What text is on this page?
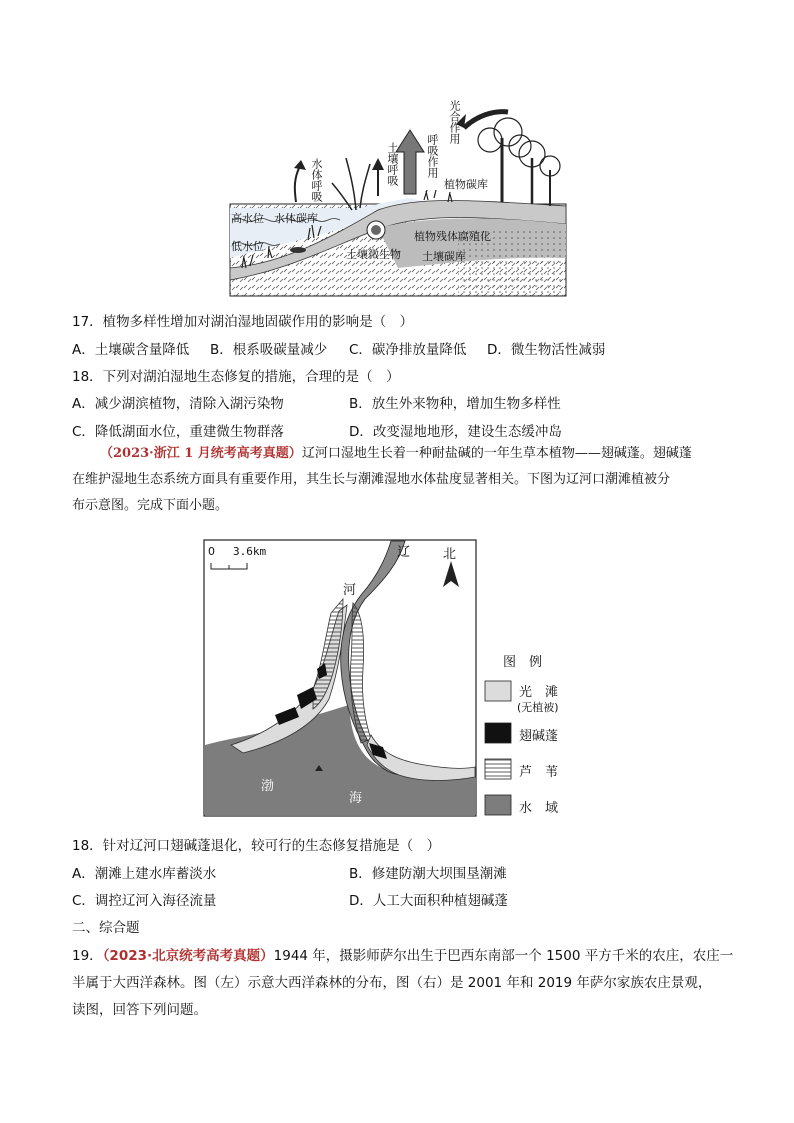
水体呼吸	土壤呼吸 呼吸作用
光合作用
植物碳库
高水位 水体碳库
低水位
植物残体腐殖化
土壤微生物 土壤碳库
17．植物多样性增加对湖泊湿地固碳作用的影响是（　）
A．土壤碳含量降低 B．根系吸碳量减少 C．碳净排放量降低 D．微生物活性减弱
18．下列对湖泊湿地生态修复的措施，合理的是（　）
A．减少湖滨植物，清除入湖污染物	B．放生外来物种，增加生物多样性
C．降低湖面水位，重建微生物群落	D．改变湿地地形，建设生态缓冲岛
（2023·浙江 1 月统考高考真题）辽河口湿地生长着一种耐盐碱的一年生草本植物——翅碱蓬。翅碱蓬
在维护湿地生态系统方面具有重要作用，其生长与潮滩湿地水体盐度显著相关。下图为辽河口潮滩植被分
布示意图。完成下面小题。
0 3.6km	北
辽
河
渤
海
图　例
光　滩
(无植被)
翅碱蓬
芦　苇
水　域
18．针对辽河口翅碱蓬退化，较可行的生态修复措施是（　）
A．潮滩上建水库蓄淡水	B．修建防潮大坝围垦潮滩
C．调控辽河入海径流量	D．人工大面积种植翅碱蓬
二、综合题
19．（2023·北京统考高考真题）1944 年，摄影师萨尔出生于巴西东南部一个 1500 平方千米的农庄，农庄一
半属于大西洋森林。图（左）示意大西洋森林的分布，图（右）是 2001 年和 2019 年萨尔家族农庄景观，
读图，回答下列问题。
